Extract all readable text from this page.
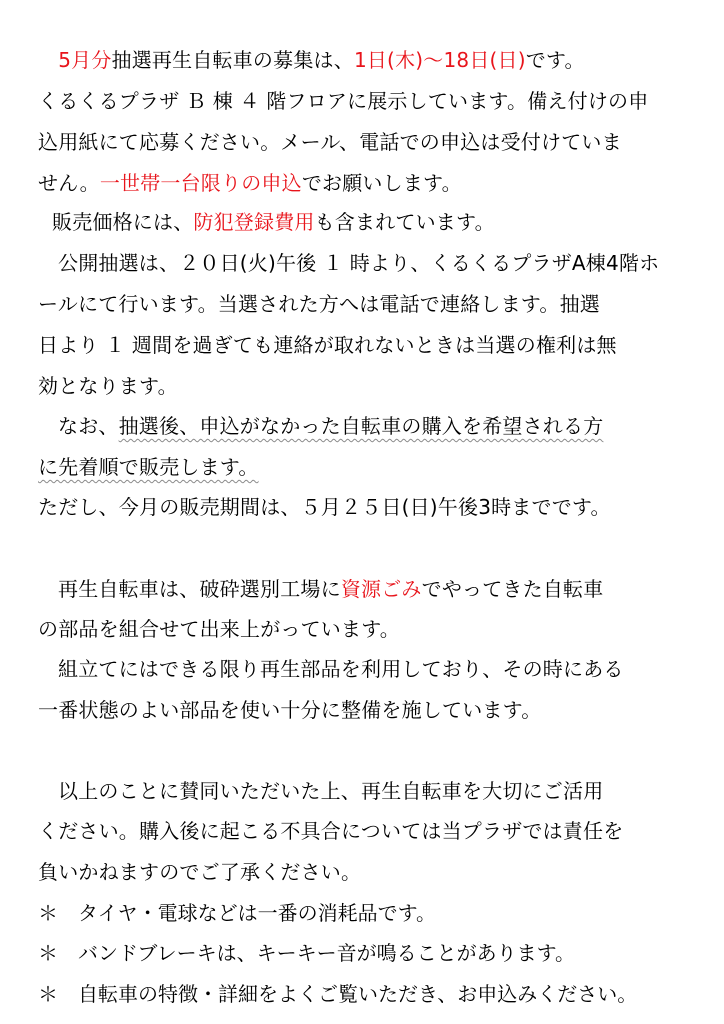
　5月分抽選再生自転車の募集は、1日(木)～18日(日)です。
くるくるプラザ Ｂ 棟 ４ 階フロアに展示しています。備え付けの申
込用紙にて応募ください。メール、電話での申込は受付けていま
せん。一世帯一台限りの申込でお願いします。
販売価格には、防犯登録費用も含まれています。
公開抽選は、２０日(火)午後 １ 時より、くるくるプラザA棟4階ホ
ールにて行います。当選された方へは電話で連絡します。抽選
日より １ 週間を過ぎても連絡が取れないときは当選の権利は無
効となります。
なお、抽選後、申込がなかった自転車の購入を希望される方
に先着順で販売します。
ただし、今月の販売期間は、５月２５日(日)午後3時までです。
再生自転車は、破砕選別工場に資源ごみでやってきた自転車
の部品を組合せて出来上がっています。
組立てにはできる限り再生部品を利用しており、その時にある
一番状態のよい部品を使い十分に整備を施しています。
以上のことに賛同いただいた上、再生自転車を大切にご活用
ください。購入後に起こる不具合については当プラザでは責任を
負いかねますのでご了承ください。
＊ タイヤ・電球などは一番の消耗品です。
＊ バンドブレーキは、キーキー音が鳴ることがあります。
＊ 自転車の特徴・詳細をよくご覧いただき、お申込みください。
